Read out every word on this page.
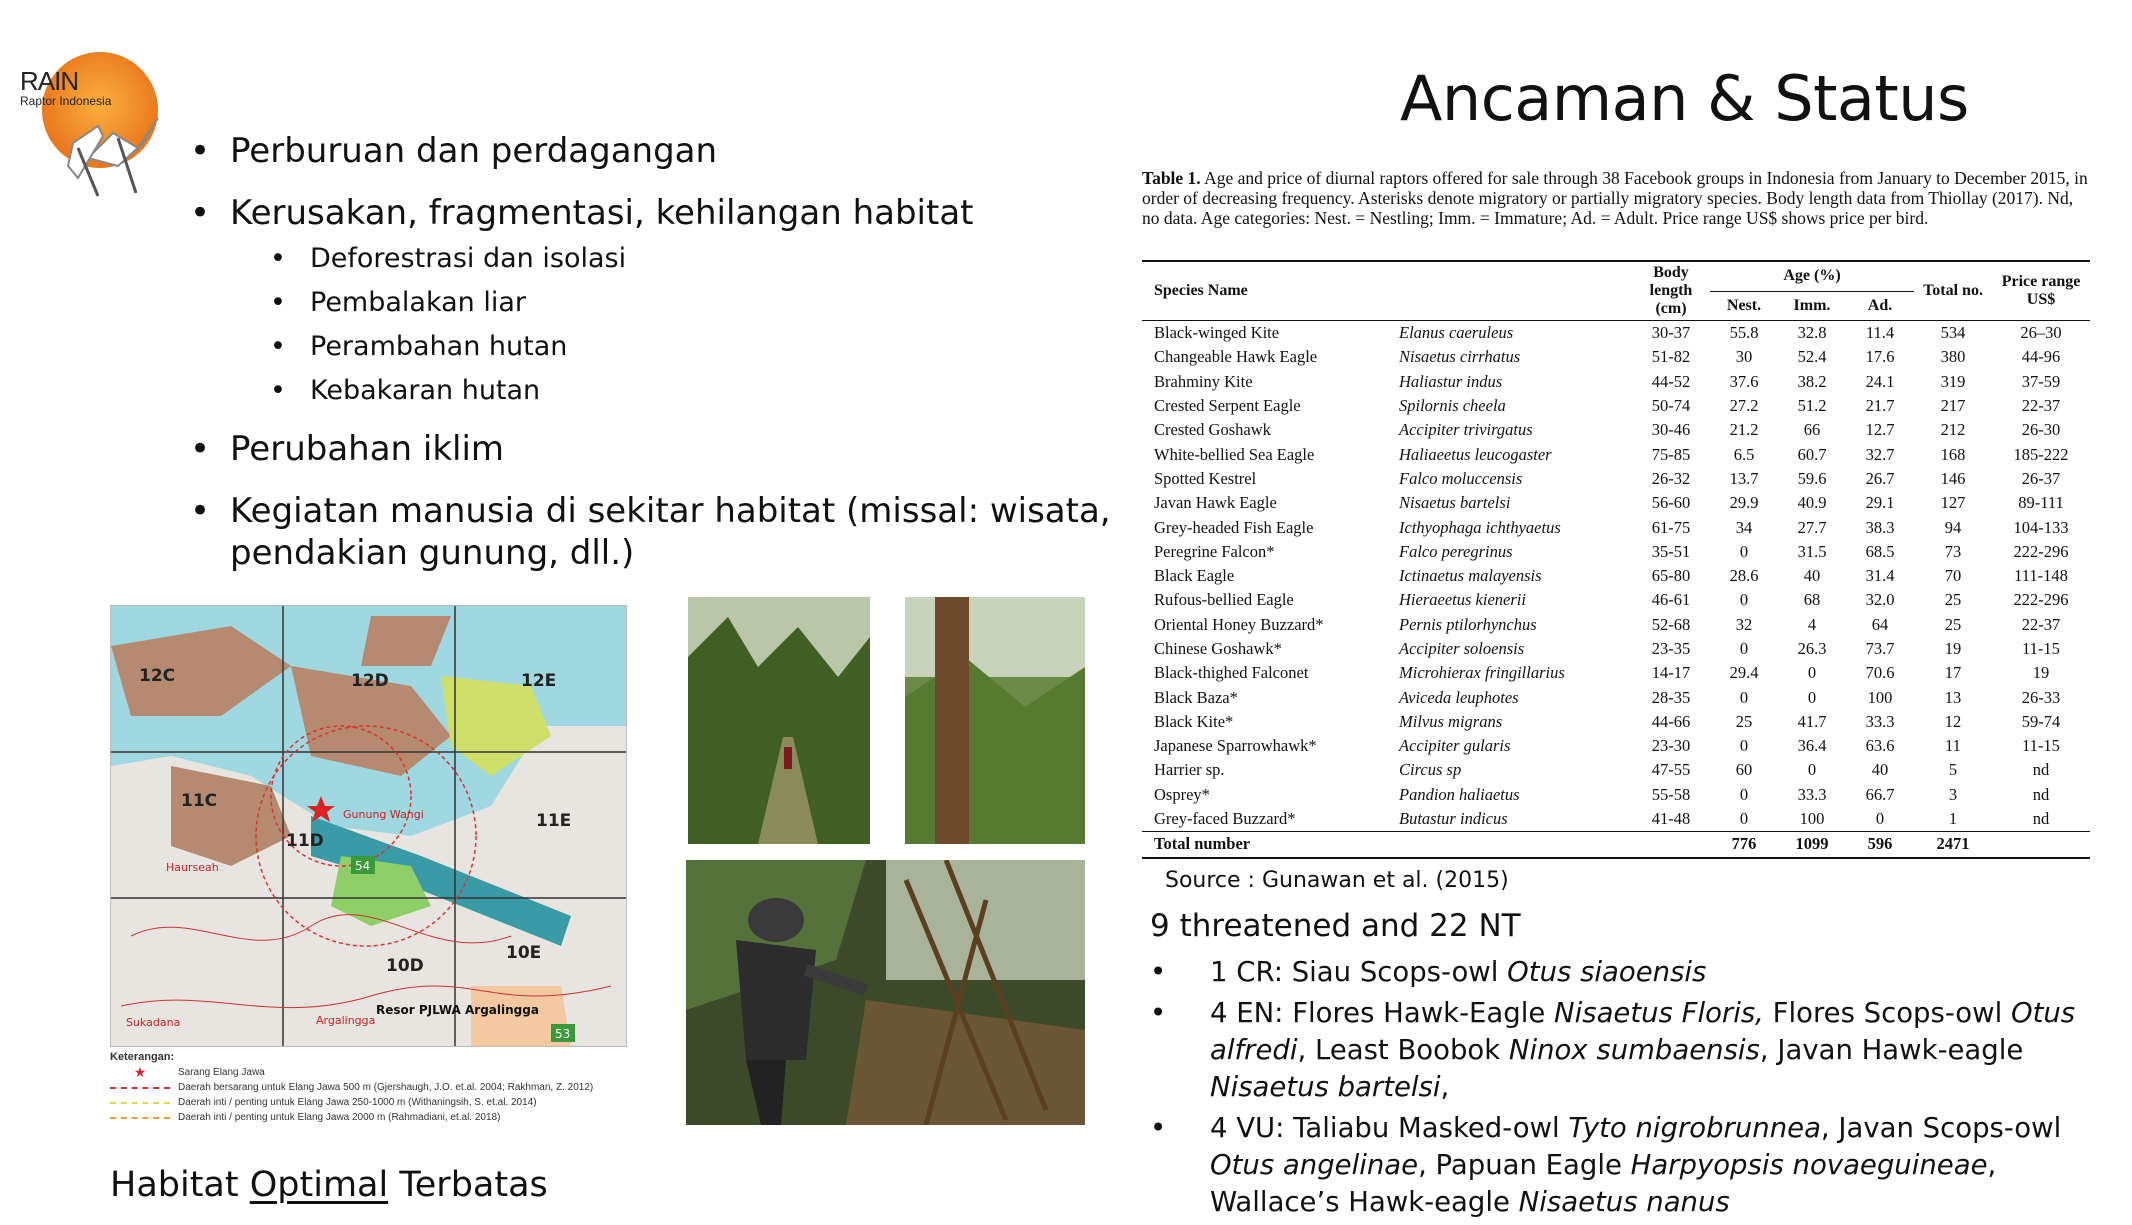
RAIN
Raptor Indonesia	Ancaman & Status
• Perburuan dan perdagangan
• Kerusakan, fragmentasi, kehilangan habitat
• Deforestrasi dan isolasi
• Pembalakan liar
• Perambahan hutan
• Kebakaran hutan
• Perubahan iklim
• Kegiatan manusia di sekitar habitat (missal: wisata, pendakian gunung, dll.)
12C	12D	12E
11C
11D
11E
10D
10E
Gunung Wangi
Haurseah
Sukadana	Argalingga
Resor PJLWA Argalingga
54
53
Keterangan:
★	Sarang Elang Jawa
Daerah bersarang untuk Elang Jawa 500 m (Gjershaugh, J.O. et.al. 2004; Rakhman, Z. 2012)
Daerah inti / penting untuk Elang Jawa 250-1000 m (Withaningsih, S. et.al. 2014)
Daerah inti / penting untuk Elang Jawa 2000 m (Rahmadiani, et.al. 2018)
Habitat Optimal Terbatas
Table 1. Age and price of diurnal raptors offered for sale through 38 Facebook groups in Indonesia from January to December 2015, in order of decreasing frequency. Asterisks denote migratory or partially migratory species. Body length data from Thiollay (2017). Nd, no data. Age categories: Nest. = Nestling; Imm. = Immature; Ad. = Adult. Price range US$ shows price per bird.
Species Name		Body length (cm)	Age (%)			Total no.	Price range US$
			Nest.	Imm.	Ad.		
Black-winged Kite	Elanus caeruleus	30-37	55.8	32.8	11.4	534	26–30
Changeable Hawk Eagle	Nisaetus cirrhatus	51-82	30	52.4	17.6	380	44-96
Brahminy Kite	Haliastur indus	44-52	37.6	38.2	24.1	319	37-59
Crested Serpent Eagle	Spilornis cheela	50-74	27.2	51.2	21.7	217	22-37
Crested Goshawk	Accipiter trivirgatus	30-46	21.2	66	12.7	212	26-30
White-bellied Sea Eagle	Haliaeetus leucogaster	75-85	6.5	60.7	32.7	168	185-222
Spotted Kestrel	Falco moluccensis	26-32	13.7	59.6	26.7	146	26-37
Javan Hawk Eagle	Nisaetus bartelsi	56-60	29.9	40.9	29.1	127	89-111
Grey-headed Fish Eagle	Icthyophaga ichthyaetus	61-75	34	27.7	38.3	94	104-133
Peregrine Falcon*	Falco peregrinus	35-51	0	31.5	68.5	73	222-296
Black Eagle	Ictinaetus malayensis	65-80	28.6	40	31.4	70	111-148
Rufous-bellied Eagle	Hieraeetus kienerii	46-61	0	68	32.0	25	222-296
Oriental Honey Buzzard*	Pernis ptilorhynchus	52-68	32	4	64	25	22-37
Chinese Goshawk*	Accipiter soloensis	23-35	0	26.3	73.7	19	11-15
Black-thighed Falconet	Microhierax fringillarius	14-17	29.4	0	70.6	17	19
Black Baza*	Aviceda leuphotes	28-35	0	0	100	13	26-33
Black Kite*	Milvus migrans	44-66	25	41.7	33.3	12	59-74
Japanese Sparrowhawk*	Accipiter gularis	23-30	0	36.4	63.6	11	11-15
Harrier sp.	Circus sp	47-55	60	0	40	5	nd
Osprey*	Pandion haliaetus	55-58	0	33.3	66.7	3	nd
Grey-faced Buzzard*	Butastur indicus	41-48	0	100	0	1	nd
Total number			776	1099	596	2471	
Source : Gunawan et al. (2015)
9 threatened and 22 NT
• 1 CR: Siau Scops-owl Otus siaoensis
• 4 EN: Flores Hawk-Eagle Nisaetus Floris, Flores Scops-owl Otus alfredi, Least Boobok Ninox sumbaensis, Javan Hawk-eagle Nisaetus bartelsi,
• 4 VU: Taliabu Masked-owl Tyto nigrobrunnea, Javan Scops-owl Otus angelinae, Papuan Eagle Harpyopsis novaeguineae, Wallace’s Hawk-eagle Nisaetus nanus
